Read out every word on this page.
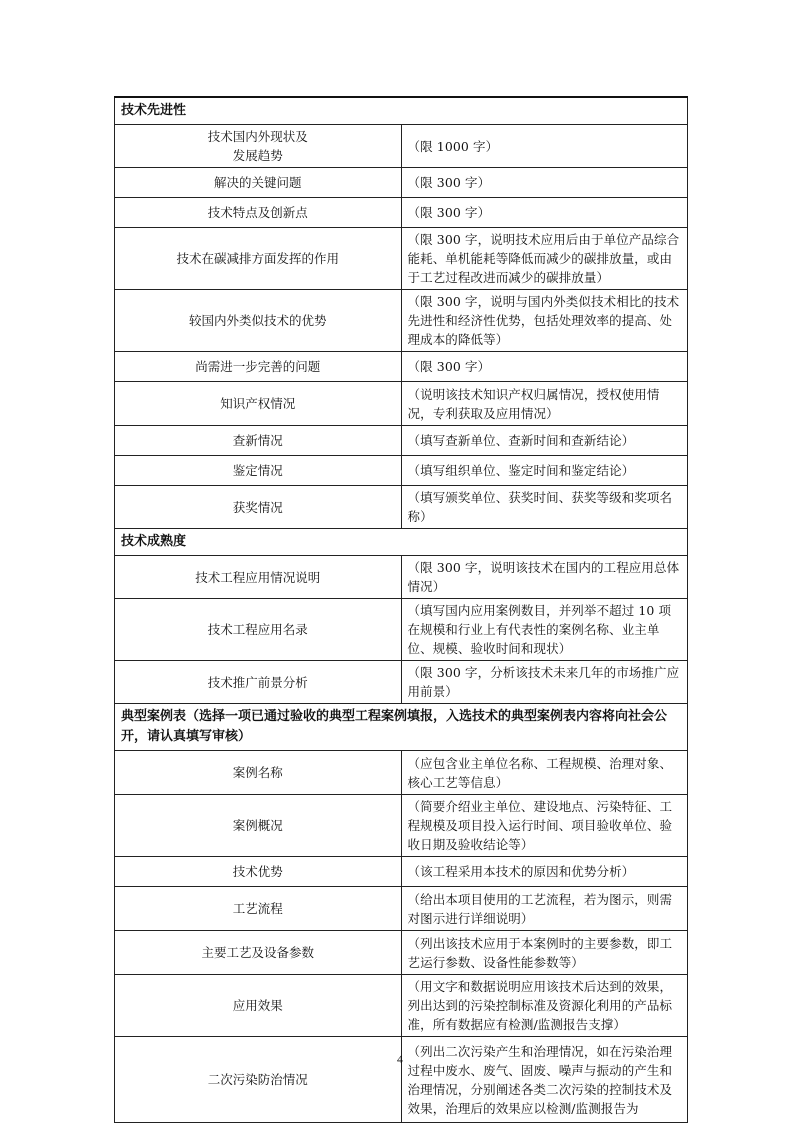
技术先进性	
技术国内外现状及
发展趋势	（限 1000 字）
解决的关键问题	（限 300 字）
技术特点及创新点	（限 300 字）
技术在碳减排方面发挥的作用	（限 300 字，说明技术应用后由于单位产品综合能耗、单机能耗等降低而减少的碳排放量，或由于工艺过程改进而减少的碳排放量）
较国内外类似技术的优势	（限 300 字，说明与国内外类似技术相比的技术先进性和经济性优势，包括处理效率的提高、处理成本的降低等）
尚需进一步完善的问题	（限 300 字）
知识产权情况	（说明该技术知识产权归属情况，授权使用情况，专利获取及应用情况）
查新情况	（填写查新单位、查新时间和查新结论）
鉴定情况	（填写组织单位、鉴定时间和鉴定结论）
获奖情况	（填写颁奖单位、获奖时间、获奖等级和奖项名称）
技术成熟度	
技术工程应用情况说明	（限 300 字，说明该技术在国内的工程应用总体情况）
技术工程应用名录	（填写国内应用案例数目，并列举不超过 10 项在规模和行业上有代表性的案例名称、业主单位、规模、验收时间和现状）
技术推广前景分析	（限 300 字，分析该技术未来几年的市场推广应用前景）
典型案例表（选择一项已通过验收的典型工程案例填报，入选技术的典型案例表内容将向社会公开，请认真填写审核）	
案例名称	（应包含业主单位名称、工程规模、治理对象、核心工艺等信息）
案例概况	（简要介绍业主单位、建设地点、污染特征、工程规模及项目投入运行时间、项目验收单位、验收日期及验收结论等）
技术优势	（该工程采用本技术的原因和优势分析）
工艺流程	（给出本项目使用的工艺流程，若为图示，则需对图示进行详细说明）
主要工艺及设备参数	（列出该技术应用于本案例时的主要参数，即工艺运行参数、设备性能参数等）
应用效果	（用文字和数据说明应用该技术后达到的效果，列出达到的污染控制标准及资源化利用的产品标准，所有数据应有检测/监测报告支撑）
二次污染防治情况	（列出二次污染产生和治理情况，如在污染治理过程中废水、废气、固废、噪声与振动的产生和治理情况，分别阐述各类二次污染的控制技术及效果，治理后的效果应以检测/监测报告为
4
